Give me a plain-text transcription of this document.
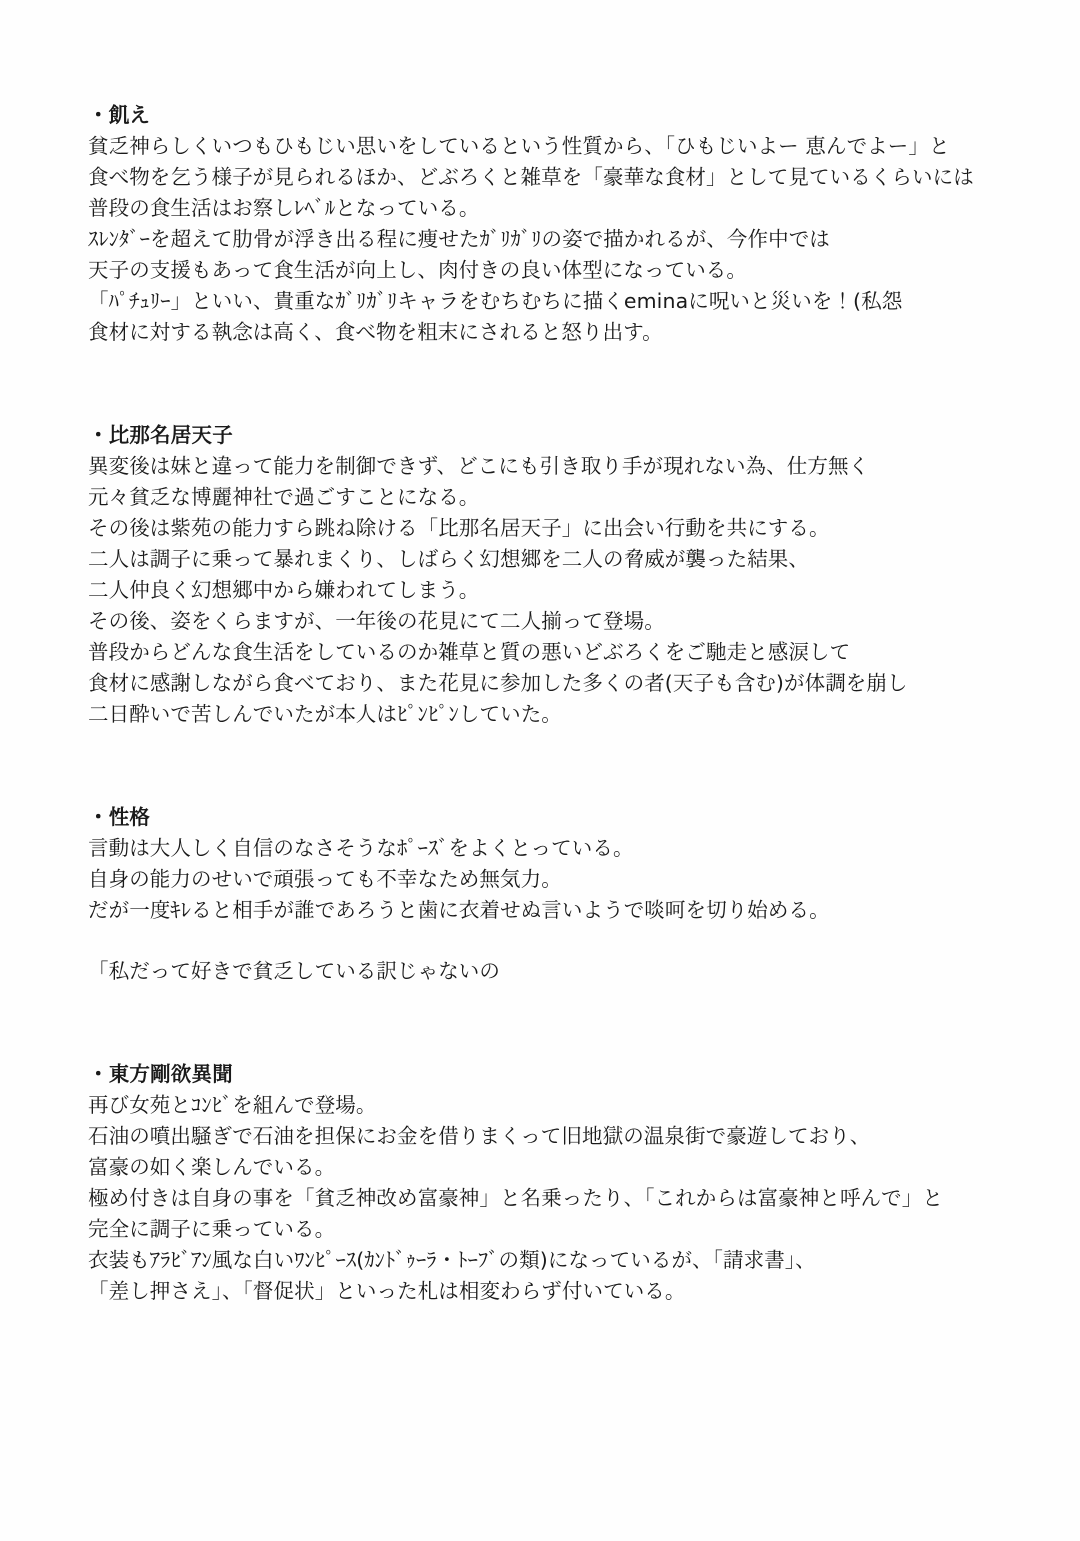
・飢え
貧乏神らしくいつもひもじい思いをしているという性質から、「ひもじいよー 恵んでよー」と
食べ物を乞う様子が見られるほか、どぶろくと雑草を「豪華な食材」として見ているくらいには
普段の食生活はお察しﾚﾍﾞﾙとなっている。
ｽﾚﾝﾀﾞｰを超えて肋骨が浮き出る程に痩せたｶﾞﾘｶﾞﾘの姿で描かれるが、今作中では
天子の支援もあって食生活が向上し、肉付きの良い体型になっている。
「ﾊﾟﾁｭﾘｰ」といい、貴重なｶﾞﾘｶﾞﾘキャラをむちむちに描くeminaに呪いと災いを！(私怨
食材に対する執念は高く、食べ物を粗末にされると怒り出す。
・比那名居天子
異変後は妹と違って能力を制御できず、どこにも引き取り手が現れない為、仕方無く
元々貧乏な博麗神社で過ごすことになる。
その後は紫苑の能力すら跳ね除ける「比那名居天子」に出会い行動を共にする。
二人は調子に乗って暴れまくり、しばらく幻想郷を二人の脅威が襲った結果、
二人仲良く幻想郷中から嫌われてしまう。
その後、姿をくらますが、一年後の花見にて二人揃って登場。
普段からどんな食生活をしているのか雑草と質の悪いどぶろくをご馳走と感涙して
食材に感謝しながら食べており、また花見に参加した多くの者(天子も含む)が体調を崩し
二日酔いで苦しんでいたが本人はﾋﾟﾝﾋﾟﾝしていた。
・性格
言動は大人しく自信のなさそうなﾎﾟｰｽﾞをよくとっている。
自身の能力のせいで頑張っても不幸なため無気力。
だが一度ｷﾚると相手が誰であろうと歯に衣着せぬ言いようで啖呵を切り始める。
「私だって好きで貧乏している訳じゃないの
・東方剛欲異聞
再び女苑とｺﾝﾋﾞを組んで登場。
石油の噴出騒ぎで石油を担保にお金を借りまくって旧地獄の温泉街で豪遊しており、
富豪の如く楽しんでいる。
極め付きは自身の事を「貧乏神改め富豪神」と名乗ったり、「これからは富豪神と呼んで」と
完全に調子に乗っている。
衣装もｱﾗﾋﾞｱﾝ風な白いﾜﾝﾋﾟｰｽ(ｶﾝﾄﾞｩｰﾗ・ﾄｰﾌﾞの類)になっているが、「請求書」、
「差し押さえ」、「督促状」といった札は相変わらず付いている。
